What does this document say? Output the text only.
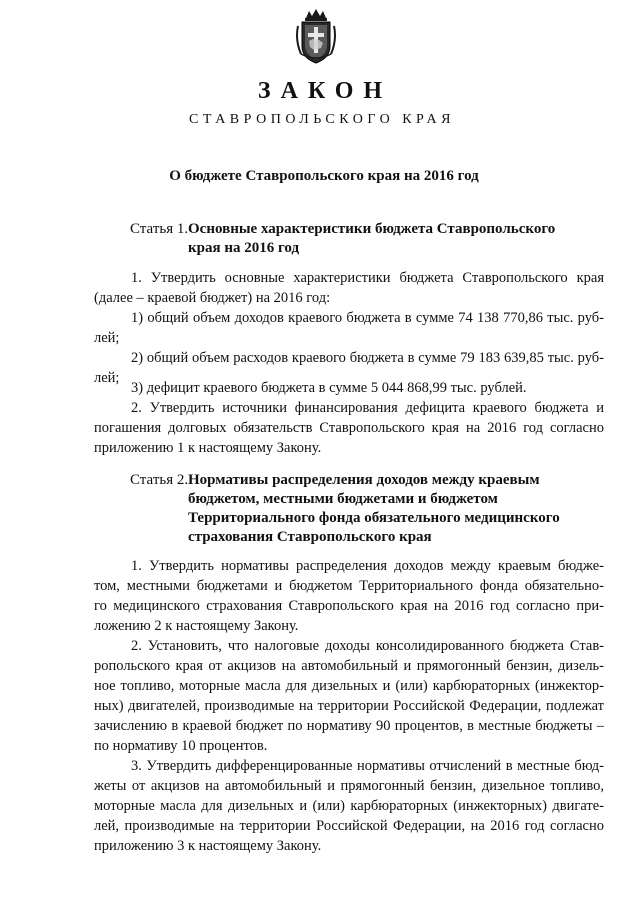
ЗАКОН
СТАВРОПОЛЬСКОГО КРАЯ
О бюджете Ставропольского края на 2016 год
Статья 1. Основные характеристики бюджета Ставропольского
края на 2016 год
1. Утвердить основные характеристики бюджета Ставропольского края
(далее – краевой бюджет) на 2016 год:
1) общий объем доходов краевого бюджета в сумме 74 138 770,86 тыс. руб-
лей;
2) общий объем расходов краевого бюджета в сумме 79 183 639,85 тыс. руб-
лей;
3) дефицит краевого бюджета в сумме 5 044 868,99 тыс. рублей.
2. Утвердить источники финансирования дефицита краевого бюджета и
погашения долговых обязательств Ставропольского края на 2016 год согласно
приложению 1 к настоящему Закону.
Статья 2. Нормативы распределения доходов между краевым
бюджетом, местными бюджетами и бюджетом
Территориального фонда обязательного медицинского
страхования Ставропольского края
1. Утвердить нормативы распределения доходов между краевым бюдже-
том, местными бюджетами и бюджетом Территориального фонда обязательно-
го медицинского страхования Ставропольского края на 2016 год согласно при-
ложению 2 к настоящему Закону.
2. Установить, что налоговые доходы консолидированного бюджета Став-
ропольского края от акцизов на автомобильный и прямогонный бензин, дизель-
ное топливо, моторные масла для дизельных и (или) карбюраторных (инжектор-
ных) двигателей, производимые на территории Российской Федерации, подлежат
зачислению в краевой бюджет по нормативу 90 процентов, в местные бюджеты –
по нормативу 10 процентов.
3. Утвердить дифференцированные нормативы отчислений в местные бюд-
жеты от акцизов на автомобильный и прямогонный бензин, дизельное топливо,
моторные масла для дизельных и (или) карбюраторных (инжекторных) двигате-
лей, производимые на территории Российской Федерации, на 2016 год согласно
приложению 3 к настоящему Закону.
